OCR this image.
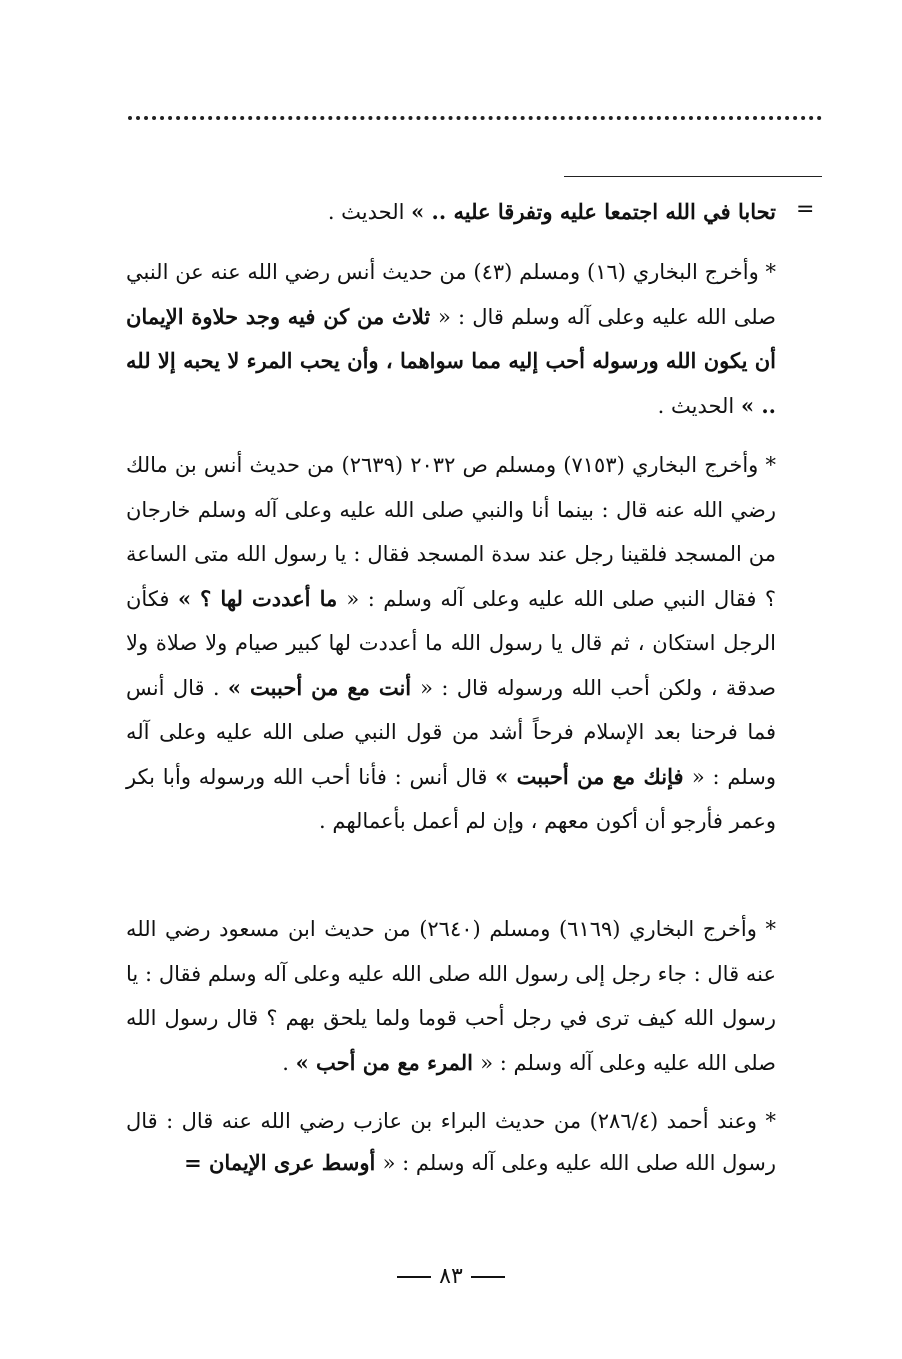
=
تحابا في الله اجتمعا عليه وتفرقا عليه .. » الحديث .
* وأخرج البخاري (١٦) ومسلم (٤٣) من حديث أنس رضي الله عنه عن النبي صلى الله عليه وعلى آله وسلم قال : « ثلاث من كن فيه وجد حلاوة الإيمان أن يكون الله ورسوله أحب إليه مما سواهما ، وأن يحب المرء لا يحبه إلا لله .. » الحديث .
* وأخرج البخاري (٧١٥٣) ومسلم ص ٢٠٣٢ (٢٦٣٩) من حديث أنس بن مالك رضي الله عنه قال : بينما أنا والنبي صلى الله عليه وعلى آله وسلم خارجان من المسجد فلقينا رجل عند سدة المسجد فقال : يا رسول الله متى الساعة ؟ فقال النبي صلى الله عليه وعلى آله وسلم : « ما أعددت لها ؟ » فكأن الرجل استكان ، ثم قال يا رسول الله ما أعددت لها كبير صيام ولا صلاة ولا صدقة ، ولكن أحب الله ورسوله قال : « أنت مع من أحببت » . قال أنس فما فرحنا بعد الإسلام فرحاً أشد من قول النبي صلى الله عليه وعلى آله وسلم : « فإنك مع من أحببت » قال أنس : فأنا أحب الله ورسوله وأبا بكر وعمر فأرجو أن أكون معهم ، وإن لم أعمل بأعمالهم .
* وأخرج البخاري (٦١٦٩) ومسلم (٢٦٤٠) من حديث ابن مسعود رضي الله عنه قال : جاء رجل إلى رسول الله صلى الله عليه وعلى آله وسلم فقال : يا رسول الله كيف ترى في رجل أحب قوما ولما يلحق بهم ؟ قال رسول الله صلى الله عليه وعلى آله وسلم : « المرء مع من أحب » .
* وعند أحمد (٢٨٦/٤) من حديث البراء بن عازب رضي الله عنه قال : قال رسول الله صلى الله عليه وعلى آله وسلم : « أوسط عرى الإيمان =
٨٣
